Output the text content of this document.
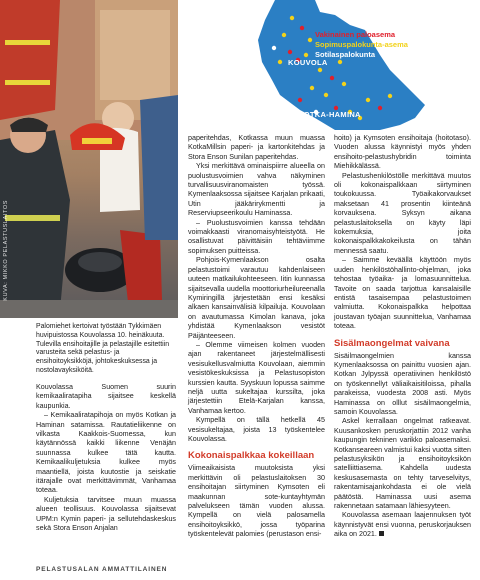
KUVA: MIKKO PELASTUSLAITOS
Vakinainen paloasema
Sopimuspalokunta-asema
Sotilaspalokunta
KOUVOLA
KOTKA-HAMINA
Palomiehet kertoivat työstään Tykkimäen huvipuistossa Kouvolassa 10. heinäkuuta. Tulevilla ensihoitajille ja pelastajille esitettiin varusteita sekä pelastus- ja ensihoitoyksikköjä, johtokeskuksessa ja nostolavayksiköitä.

Kouvolassa Suomen suurin kemikaaliratapiha sijaitsee keskellä kaupunkia.

– Kemikaaliratapihoja on myös Kotkan ja Haminan satamissa. Rautatieliikenne on vilkasta Kaakkois-Suomessa, kun käytännössä kaikki liikenne Venäjän suunnassa kulkee tätä kautta. Kemikaalikuljetuksia kulkee myös maantiellä, joista kuutostie ja seiskatie itärajalle ovat merkittävimmät, Vanhamaa toteaa.

Kuljetuksia tarvitsee muun muassa alueen teollisuus. Kouvolassa sijaitsevat UPM:n Kymin paperi- ja sellutehdaskeskus sekä Stora Enson Anjalan

paperitehdas, Kotkassa muun muassa KotkaMillsin paperi- ja kartonkitehdas ja Stora Enson Sunilan paperitehdas.

Yksi merkittävä ominaispiirre alueella on puolustusvoimien vahva näkyminen turvallisuusviranomaisten työssä. Kymenlaaksossa sijaitsee Karjalan prikaati, Utin jääkärirykmentti ja Reserviupseerikoulu Haminassa.

– Puolustusvoimien kanssa tehdään voimakkaasti viranomaisyhteistyötä. He osallistuvat päivittäisiin tehtäviimme sopimuksen puitteissa.

Pohjois-Kymenlaakson osalta pelastustoimi varautuu kahdenlaiseen uuteen matkailukohteeseen. Iitin kunnassa sijaitsevalla uudella moottoriurheilureenalla Kymiringillä järjestetään ensi kesäksi alkaen kansainvälisiä kilpailuja. Kouvolaan on avautumassa Kimolan kanava, joka yhdistää Kymenlaakson vesistöt Päijänteeseen.

– Olemme viimeisen kolmen vuoden ajan rakentaneet järjestelmällisesti vesisukellusvalmiutta Kouvolaan, aiemmin vesistökeskuksissa ja Pelastusopiston kurssien kautta. Syyskuun lopussa saimme neljä uutta sukeltajaa kurssilta, joka järjestettiin Etelä-Karjalan kanssa, Vanhamaa kertoo.

Kympellä on tällä hetkellä 45 vesisukeltajaa, joista 13 työskentelee Kouvolassa.

Kokonaispalkkaa kokeillaan

Viimeaikaisista muutoksista yksi merkittävin oli pelastuslaitoksen 30 ensihoitajan siirtyminen Kymsoten eli maakunnan sote-kuntayhtymän palvelukseen tämän vuoden alussa. Kympellä on vielä palosamella ensihoitoyksikkö, jossa työparina työskentelevät palomies (perustason ensi-

hoito) ja Kymsoten ensihoitaja (hoitotaso). Vuoden alussa käynnistyi myös yhden ensihoito-pelastushybridin toiminta Miehikkälässä.

Pelastushenkilöstölle merkittävä muutos oli kokonaispalkkaan siirtyminen toukokuussa. Työaikakorvaukset maksetaan 41 prosentin kiinteänä korvauksena. Syksyn aikana pelastuslaitoksella on käyty läpi kokemuksia, joita kokonaispalkkakokeilusta on tähän mennessä saatu.

– Saimme keväällä käyttöön myös uuden henkilöstöhallinto-ohjelman, joka tehostaa työaika- ja lomasuunnittelua. Tavoite on saada tarjottua kansalaisille entistä tasaisempaa pelastustoimen valmiutta. Kokonaispalkka helpottaa joustavan työajan suunnittelua, Vanhamaa toteaa.

Sisälmaongelmat vaivana

Sisäilmaongelmien kanssa Kymenlaaksossa on painittu vuosien ajan. Kotkan Jylpyssä operatiivinen henkilöstö on työskennellyt väliaikaisitiloissa, pihalla parakeissa, vuodesta 2008 asti. Myös Haminassa on olllut sisäilmaongelmia, samoin Kouvolassa.

Askel kerrallaan ongelmat ratkeavat. Kuusankosken peruskorjattiin 2012 vanha kaupungin tekninen varikko paloasemaksi. Kotkanseareen valmistui kaksi vuotta sitten pelastusyksikön ja ensihoitoyksikön satelliittiasema. Kahdella uudesta keskusasemasta on tehty tarveselvitys, rakentamisajankohdasta ei ole vielä päätöstä. Haminassa uusi asema rakennetaan satamaan lähiesyyteen.

Kouvolassa asemaan laajennuksen työt käynnistyvät ensi vuonna, peruskorjauksen aika on 2021.

PELASTUSALAN AMMATTILAINEN
